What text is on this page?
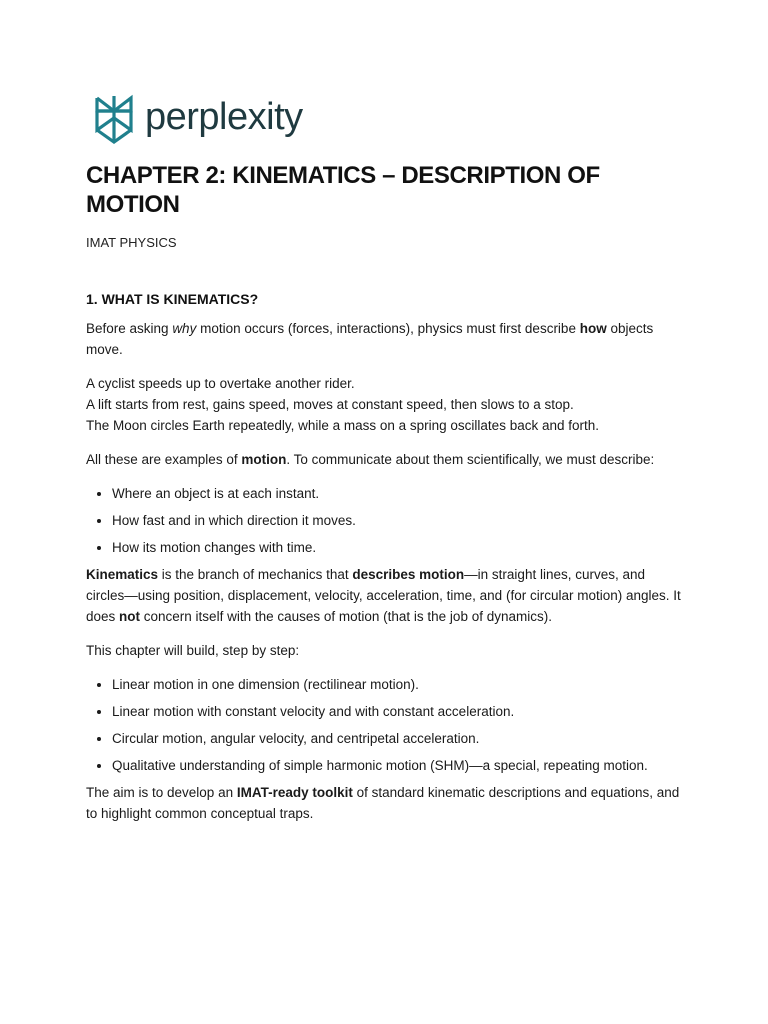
perplexity
CHAPTER 2: KINEMATICS – DESCRIPTION OF MOTION

IMAT PHYSICS

1. WHAT IS KINEMATICS?

Before asking why motion occurs (forces, interactions), physics must first describe how objects move.

A cyclist speeds up to overtake another rider.
A lift starts from rest, gains speed, moves at constant speed, then slows to a stop.
The Moon circles Earth repeatedly, while a mass on a spring oscillates back and forth.

All these are examples of motion. To communicate about them scientifically, we must describe:

• Where an object is at each instant.
• How fast and in which direction it moves.
• How its motion changes with time.

Kinematics is the branch of mechanics that describes motion—in straight lines, curves, and circles—using position, displacement, velocity, acceleration, time, and (for circular motion) angles. It does not concern itself with the causes of motion (that is the job of dynamics).

This chapter will build, step by step:

• Linear motion in one dimension (rectilinear motion).
• Linear motion with constant velocity and with constant acceleration.
• Circular motion, angular velocity, and centripetal acceleration.
• Qualitative understanding of simple harmonic motion (SHM)—a special, repeating motion.

The aim is to develop an IMAT-ready toolkit of standard kinematic descriptions and equations, and to highlight common conceptual traps.
